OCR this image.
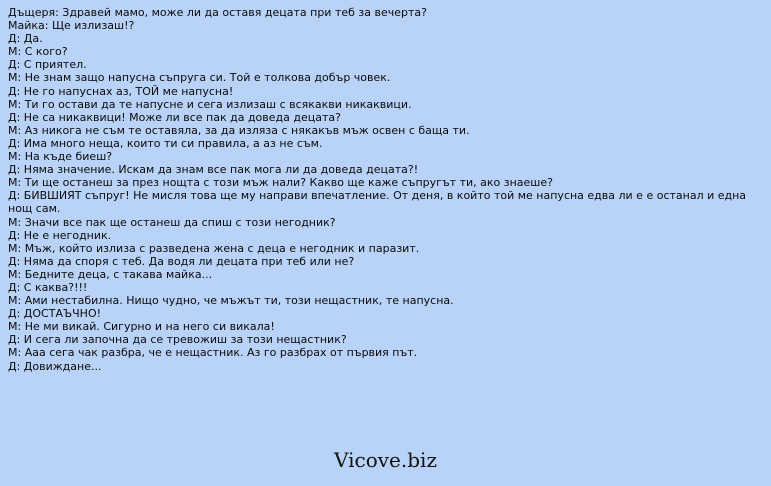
Дъщеря: Здравей мамо, може ли да оставя децата при теб за вечерта?
Майка: Ще излизаш!?
Д: Да.
М: С кого?
Д: С приятел.
М: Не знам защо напусна съпруга си. Той е толкова добър човек.
Д: Не го напуснах аз, ТОЙ ме напусна!
М: Ти го остави да те напусне и сега излизаш с всякакви никаквици.
Д: Не са никаквици! Може ли все пак да доведа децата?
М: Аз никога не съм те оставяла, за да изляза с някакъв мъж освен с баща ти.
Д: Има много неща, които ти си правила, а аз не съм.
М: На къде биеш?
Д: Няма значение. Искам да знам все пак мога ли да доведа децата?!
М: Ти ще останеш за през нощта с този мъж нали? Какво ще каже съпругът ти, ако знаеше?
Д: БИВШИЯТ съпруг! Не мисля това ще му направи впечатление. От деня, в който той ме напусна едва ли е е останал и една нощ сам.
М: Значи все пак ще останеш да спиш с този негодник?
Д: Не е негодник.
М: Мъж, който излиза с разведена жена с деца е негодник и паразит.
Д: Няма да споря с теб. Да водя ли децата при теб или не?
М: Бедните деца, с такава майка...
Д: С каква?!!!
М: Ами нестабилна. Нищо чудно, че мъжът ти, този нещастник, те напусна.
Д: ДОСТАЪЧНО!
М: Не ми викай. Сигурно и на него си викала!
Д: И сега ли започна да се тревожиш за този нещастник?
М: Ааа сега чак разбра, че е нещастник. Аз го разбрах от първия път.
Д: Довиждане...
Vicove.biz
